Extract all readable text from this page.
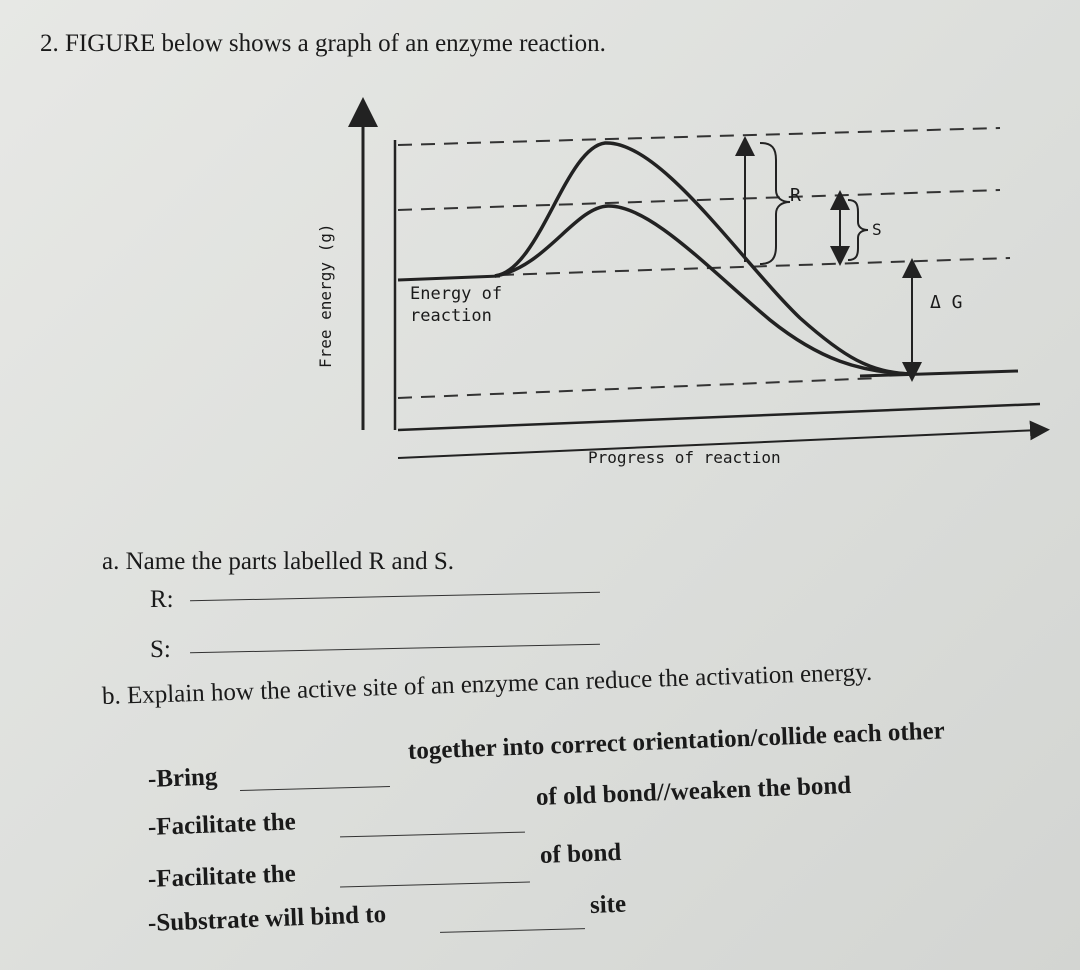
2. FIGURE below shows a graph of an enzyme reaction.
Free energy (g)
Progress of reaction
Energy of
reaction
R
S
Δ G
a. Name the parts labelled R and S.
R:
S:
b. Explain how the active site of an enzyme can reduce the activation energy.
-Bring
together into correct orientation/collide each other
-Facilitate the
of old bond//weaken the bond
-Facilitate the
of bond
-Substrate will bind to	site
